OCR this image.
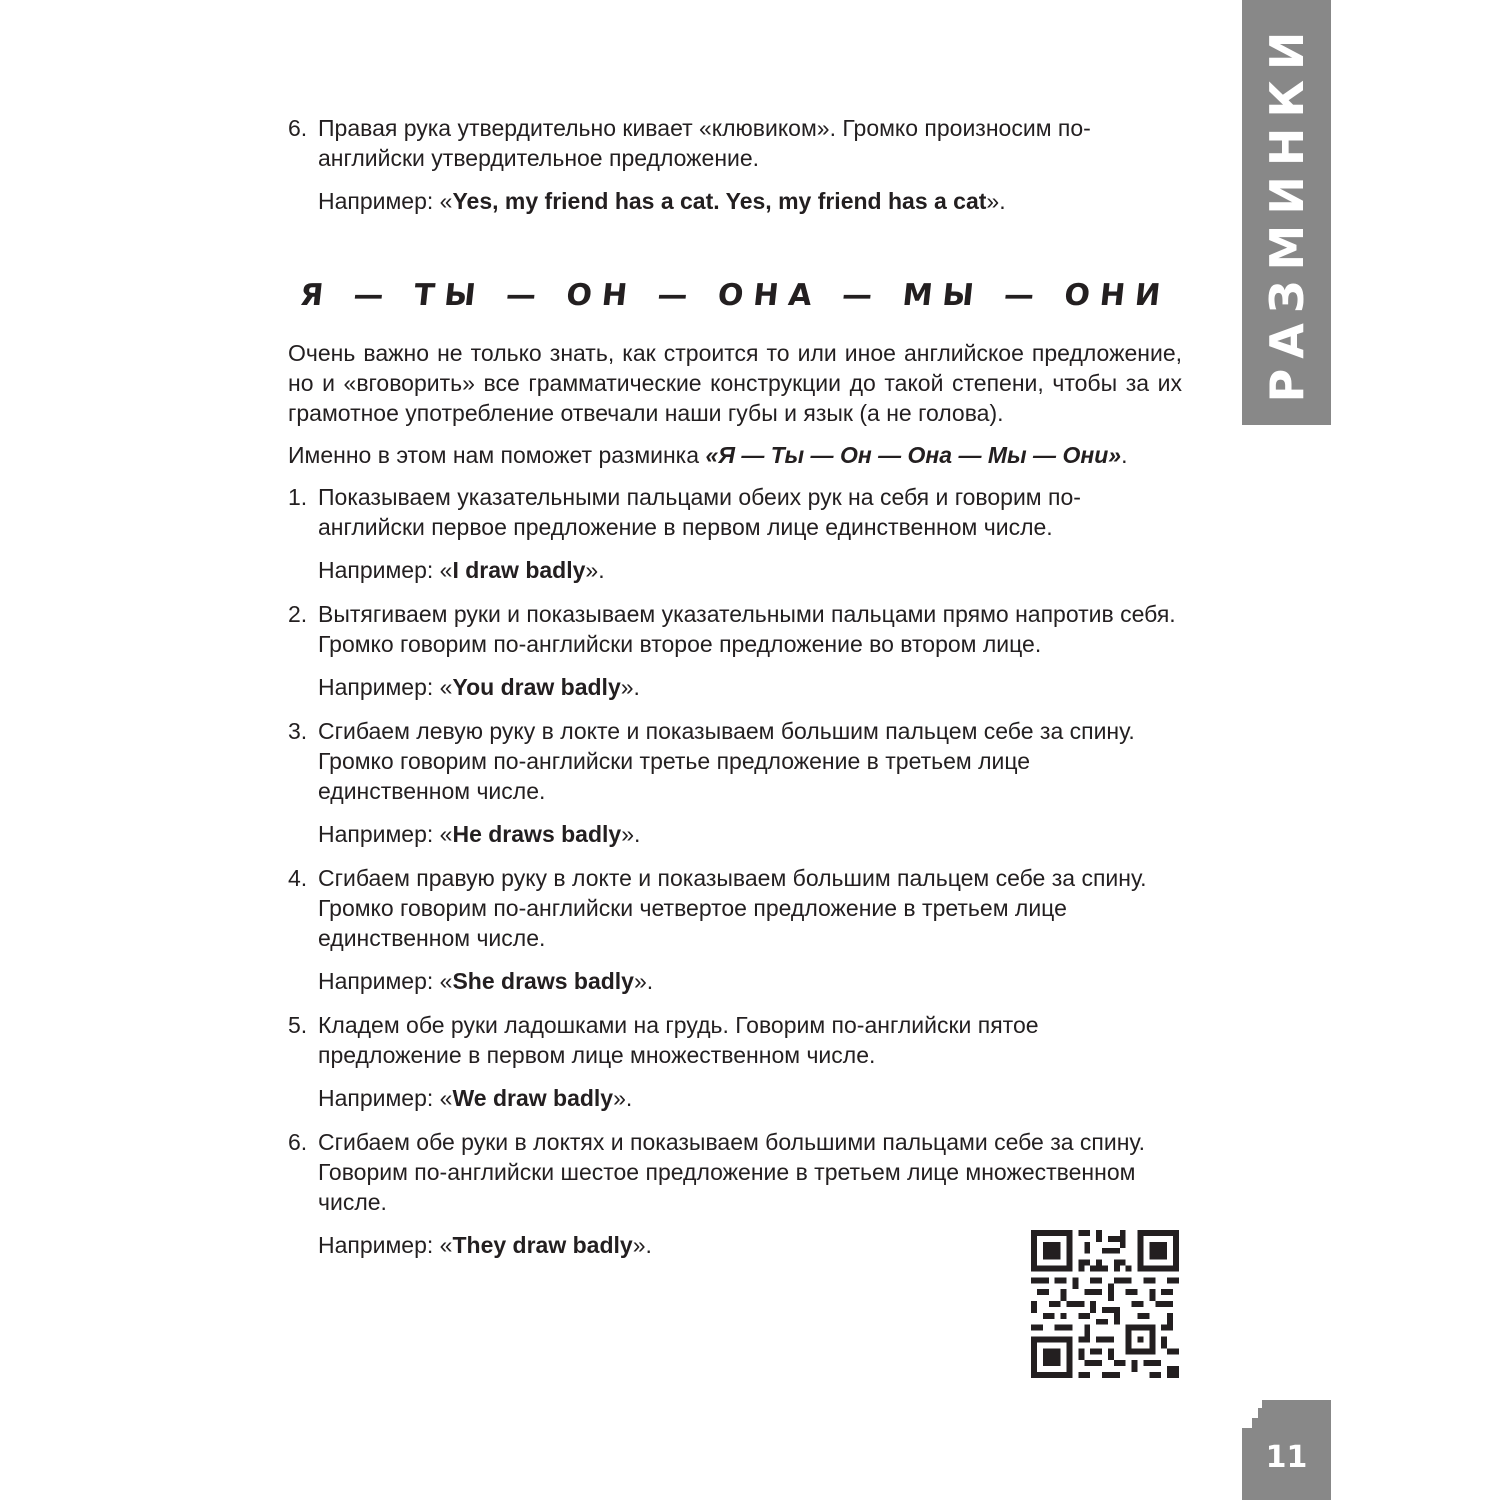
РАЗМИНКИ
6. Правая рука утвердительно кивает «клювиком». Громко произносим по-английски утвердительное предложение.

Например: «Yes, my friend has a cat. Yes, my friend has a cat».

Я — ТЫ — ОН — ОНА — МЫ — ОНИ

Очень важно не только знать, как строится то или иное английское предложение, но и «вговорить» все грамматические конструкции до такой степени, чтобы за их грамотное употребление отвечали наши губы и язык (а не голова).

Именно в этом нам поможет разминка «Я — Ты — Он — Она — Мы — Они».

1. Показываем указательными пальцами обеих рук на себя и говорим по-английски первое предложение в первом лице единственном числе.

Например: «I draw badly».

2. Вытягиваем руки и показываем указательными пальцами прямо напротив себя. Громко говорим по-английски второе предложение во втором лице.

Например: «You draw badly».

3. Сгибаем левую руку в локте и показываем большим пальцем себе за спину. Громко говорим по-английски третье предложение в третьем лице единственном числе.

Например: «He draws badly».

4. Сгибаем правую руку в локте и показываем большим пальцем себе за спину. Громко говорим по-английски четвертое предложение в третьем лице единственном числе.

Например: «She draws badly».

5. Кладем обе руки ладошками на грудь. Говорим по-английски пятое предложение в первом лице множественном числе.

Например: «We draw badly».

6. Сгибаем обе руки в локтях и показываем большими пальцами себе за спину. Говорим по-английски шестое предложение в третьем лице множественном числе.

Например: «They draw badly».

11
